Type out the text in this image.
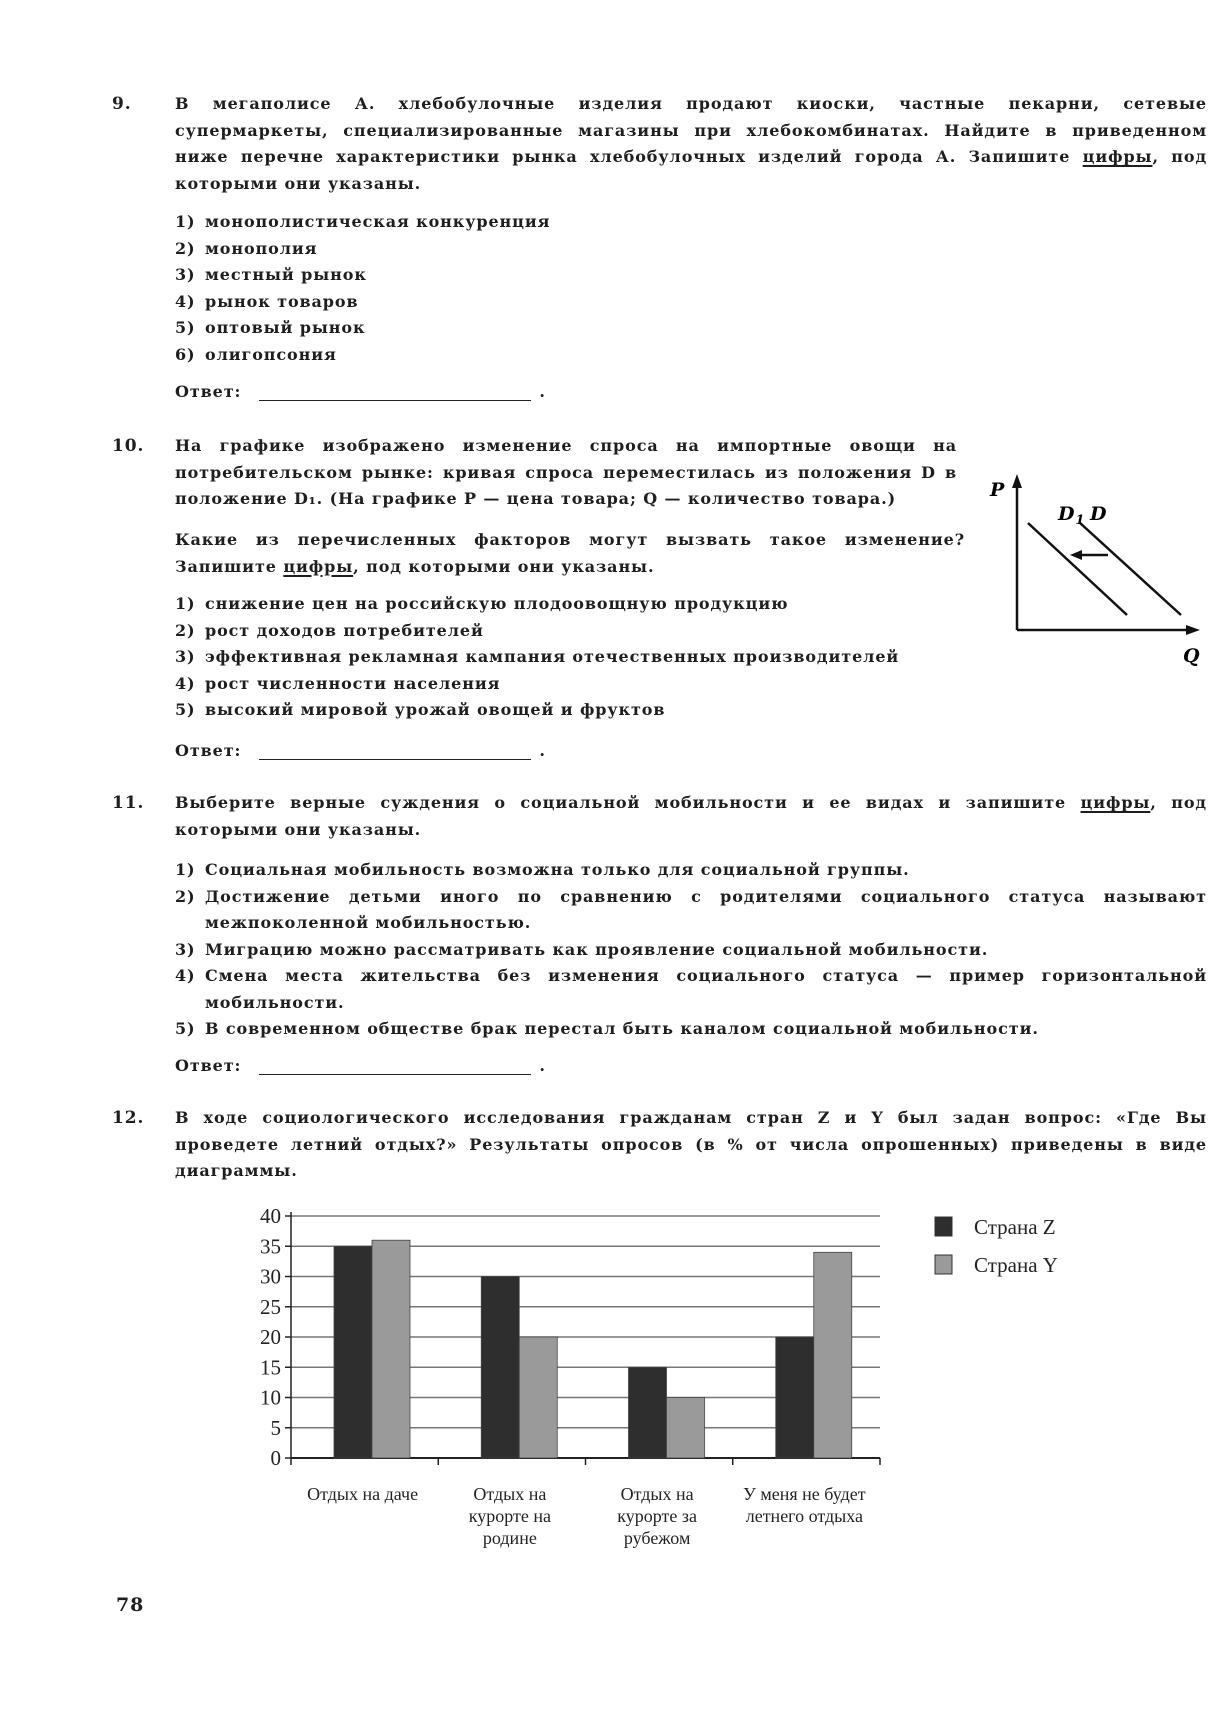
9.	В мегаполисе А. хлебобулочные изделия продают киоски, частные пекарни, сетевые супермаркеты, специализированные магазины при хлебокомбинатах. Найдите в приведенном ниже перечне характеристики рынка хлебобулочных изделий города А. Запишите цифры, под которыми они указаны.
1) монополистическая конкуренция
2) монополия
3) местный рынок
4) рынок товаров
5) оптовый рынок
6) олигопсония
Ответ:	.
10. На графике изображено изменение спроса на импортные овощи на потребительском рынке: кривая спроса переместилась из положения D в положение D₁. (На графике P — цена товара; Q — количество товара.)
Какие из перечисленных факторов могут вызвать такое изменение? Запишите цифры, под которыми они указаны.
1) снижение цен на российскую плодоовощную продукцию
2) рост доходов потребителей
3) эффективная рекламная кампания отечественных производителей
4) рост численности населения
5) высокий мировой урожай овощей и фруктов
Ответ:	.
P
$D_1$ D
Q
11. Выберите верные суждения о социальной мобильности и ее видах и запишите цифры, под которыми они указаны.
1) Социальная мобильность возможна только для социальной группы.
2) Достижение детьми иного по сравнению с родителями социального статуса называют межпоколенной мобильностью.
3) Миграцию можно рассматривать как проявление социальной мобильности.
4) Смена места жительства без изменения социального статуса — пример горизонтальной мобильности.
5) В современном обществе брак перестал быть каналом социальной мобильности.
Ответ:	.
12. В ходе социологического исследования гражданам стран Z и Y был задан вопрос: «Где Вы проведете летний отдых?» Результаты опросов (в % от числа опрошенных) приведены в виде диаграммы.
0
5
10
15
20
25
30
35
40
Отдых на даче	Отдых на
курорте на
родине
Отдых на
курорте за
рубежом
У меня не будет
летнего отдыха
Страна Z
Страна Y
78
